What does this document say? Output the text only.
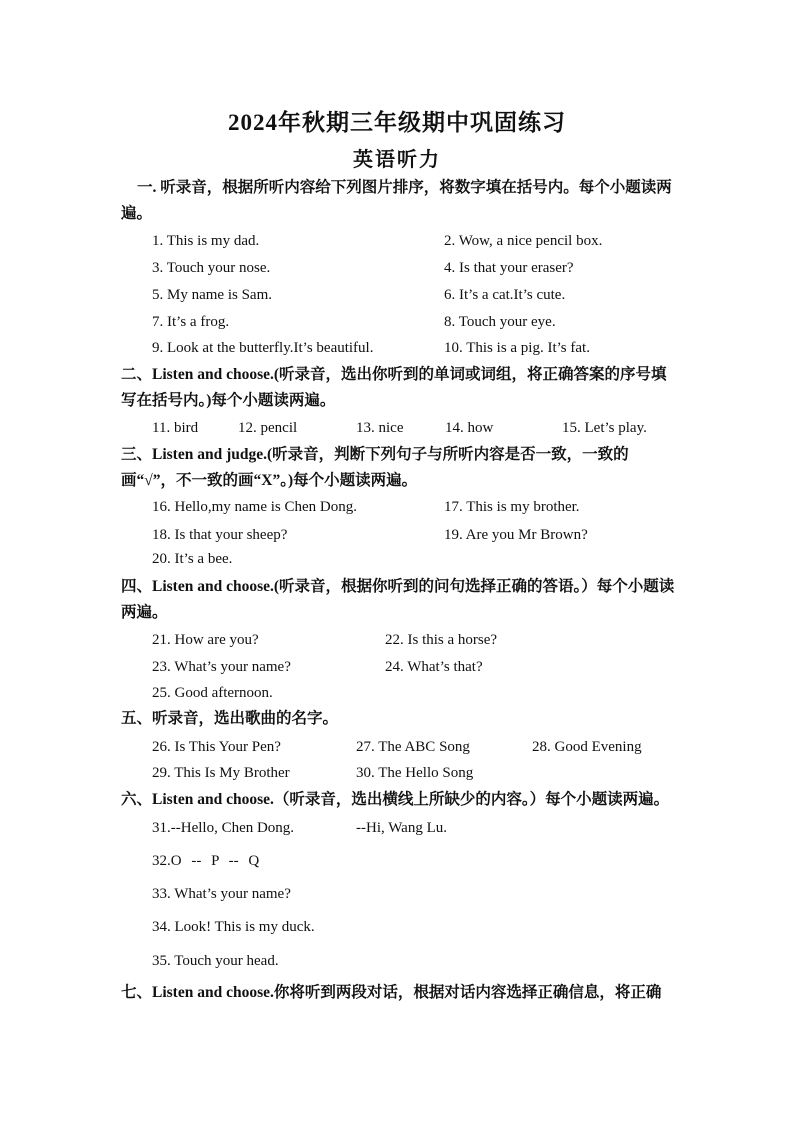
2024年秋期三年级期中巩固练习
英语听力
一. 听录音，根据所听内容给下列图片排序，将数字填在括号内。每个小题读两遍。
1. This is my dad.	2. Wow, a nice pencil box.
3. Touch your nose.	4. Is that your eraser?
5. My name is Sam.	6. It’s a cat.It’s cute.
7. It’s a frog.	8. Touch your eye.
9. Look at the butterfly.It’s beautiful.	10. This is a pig. It’s fat.
二、Listen and choose.(听录音，选出你听到的单词或词组，将正确答案的序号填写在括号内。)每个小题读两遍。
11. bird	12. pencil	13. nice	14. how	15. Let’s play.
三、Listen and judge.(听录音，判断下列句子与所听内容是否一致，一致的画“√”，不一致的画“X”。)每个小题读两遍。
16. Hello,my name is Chen Dong.	17. This is my brother.
18. Is that your sheep?	19. Are you Mr Brown?
20. It’s a bee.
四、Listen and choose.(听录音，根据你听到的问句选择正确的答语。）每个小题读两遍。
21. How are you?	22. Is this a horse?
23. What’s your name?	24. What’s that?
25. Good afternoon.
五、听录音，选出歌曲的名字。
26. Is This Your Pen?	27. The ABC Song	28. Good Evening
29. This Is My Brother	30. The Hello Song
六、Listen and choose.（听录音，选出横线上所缺少的内容。）每个小题读两遍。
31.--Hello, Chen Dong.	--Hi, Wang Lu.
32.O -- P -- Q
33. What’s your name?
34. Look! This is my duck.
35. Touch your head.
七、Listen and choose.你将听到两段对话，根据对话内容选择正确信息，将正确
